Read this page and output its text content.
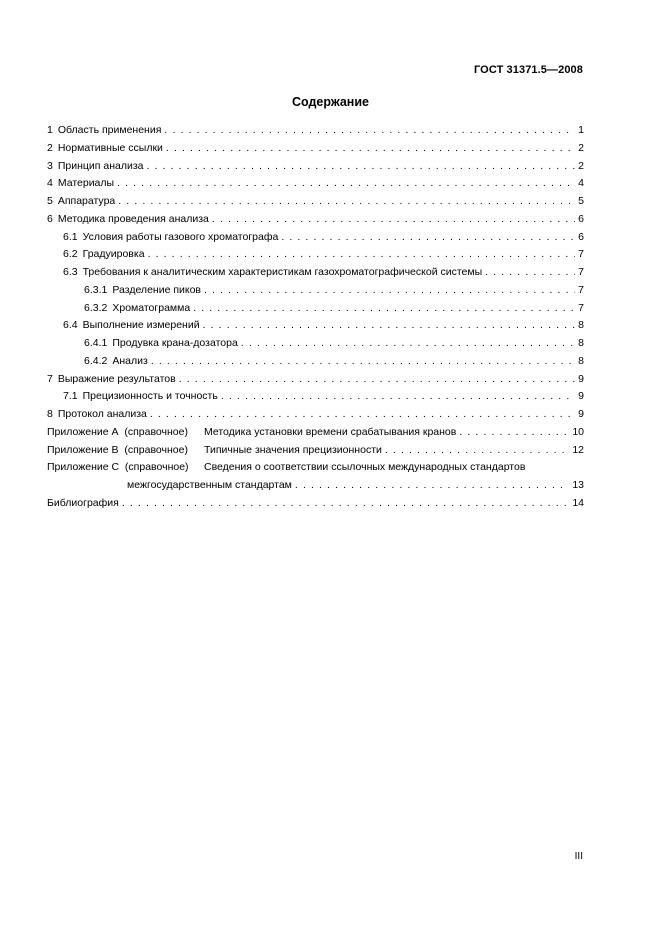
ГОСТ 31371.5—2008
Содержание
1 Область применения . . .	1
2 Нормативные ссылки . . .	2
3 Принцип анализа . . .	2
4 Материалы . . .	4
5 Аппаратура . . .	5
6 Методика проведения анализа . . .	6
6.1 Условия работы газового хроматографа . . .	6
6.2 Градуировка . . .	7
6.3 Требования к аналитическим характеристикам газохроматографической системы . . .	7
6.3.1 Разделение пиков . . .	7
6.3.2 Хроматограмма . . .	7
6.4 Выполнение измерений . . .	8
6.4.1 Продувка крана-дозатора . . .	8
6.4.2 Анализ . . .	8
7 Выражение результатов . . .	9
7.1 Прецизионность и точность . . .	9
8 Протокол анализа . . .	9
Приложение А  (справочное)	Методика установки времени срабатывания кранов . . .	10
Приложение В  (справочное)	Типичные значения прецизионности . . .	12
Приложение С  (справочное) Сведения о соответствии ссылочных международных стандартов
межгосударственным стандартам . . .	13
Библиография . . .	14
III
